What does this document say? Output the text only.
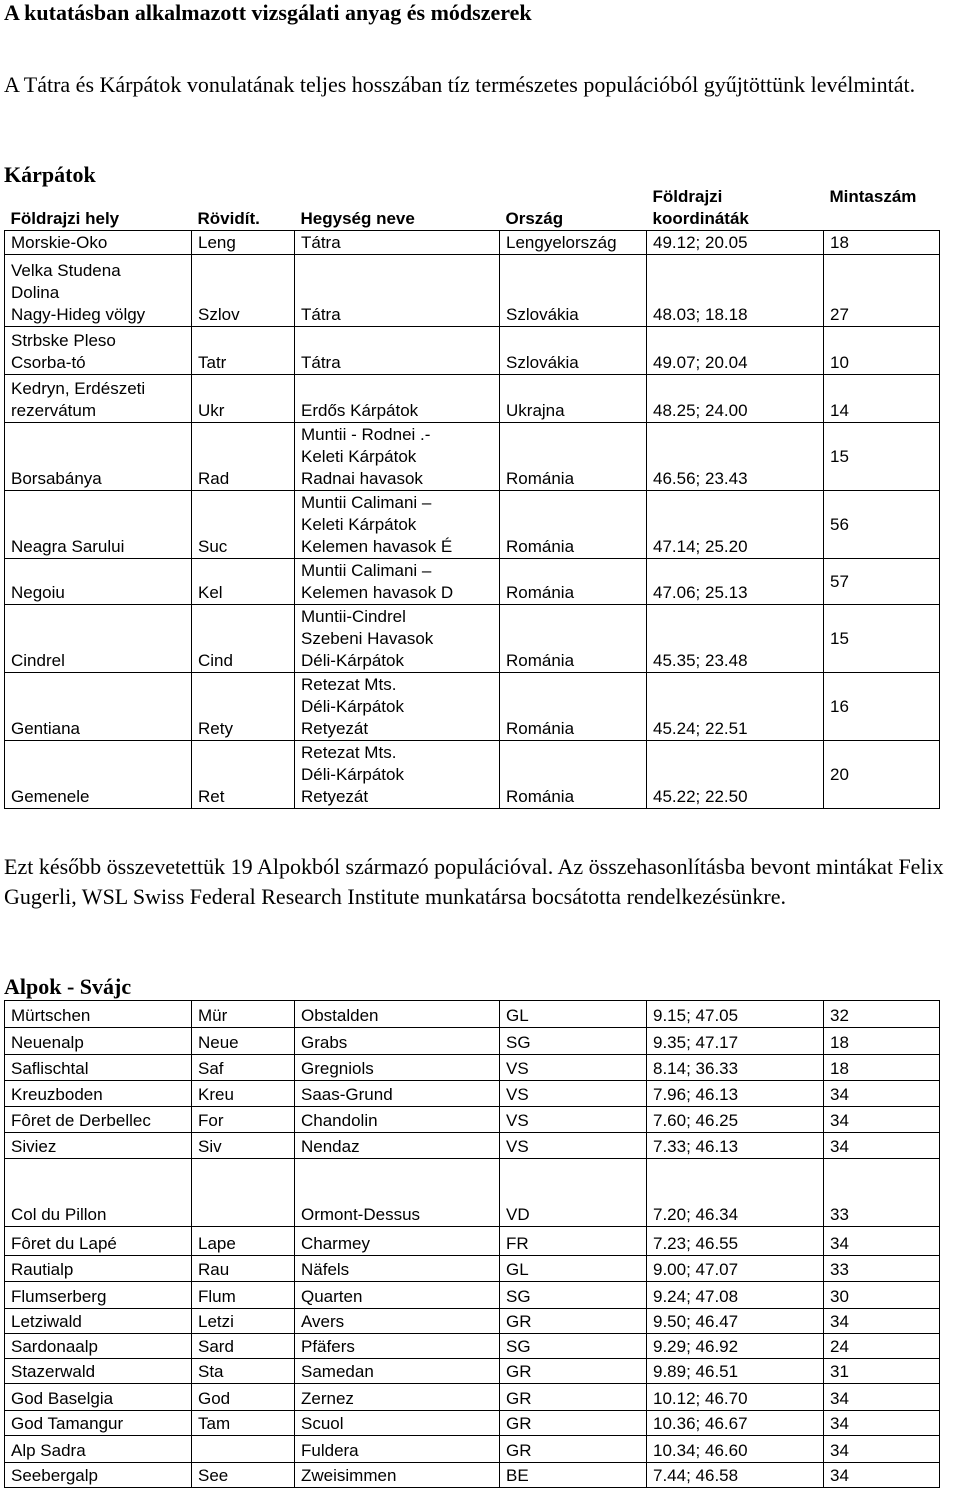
A kutatásban alkalmazott vizsgálati anyag és módszerek

A Tátra és Kárpátok vonulatának teljes hosszában tíz természetes populációból gyűjtöttünk levélmintát.

Kárpátok
Földrajzi hely	Rövidít.	Hegység neve	Ország	Földrajzi
koordináták	Mintaszám
Morskie-Oko	Leng	Tátra	Lengyelország	49.12; 20.05	18
Velka Studena
Dolina
Nagy-Hideg völgy	Szlov	Tátra	Szlovákia	48.03; 18.18	27
Strbske Pleso
Csorba-tó	Tatr	Tátra	Szlovákia	49.07; 20.04	10
Kedryn, Erdészeti
rezervátum	Ukr	Erdős Kárpátok	Ukrajna	48.25; 24.00	14
Borsabánya	Rad	Muntii - Rodnei .-
Keleti Kárpátok
Radnai havasok	Románia	46.56; 23.43	15
Neagra Sarului	Suc	Muntii Calimani –
Keleti Kárpátok
Kelemen havasok É	Románia	47.14; 25.20	56
Negoiu	Kel	Muntii Calimani –
Kelemen havasok D	Románia	47.06; 25.13	57
Cindrel	Cind	Muntii-Cindrel
Szebeni Havasok
Déli-Kárpátok	Románia	45.35; 23.48	15
Gentiana	Rety	Retezat Mts.
Déli-Kárpátok
Retyezát	Románia	45.24; 22.51	16
Gemenele	Ret	Retezat Mts.
Déli-Kárpátok
Retyezát	Románia	45.22; 22.50	20

Ezt később összevetettük 19 Alpokból származó populációval. Az összehasonlításba bevont mintákat Felix Gugerli, WSL Swiss Federal Research Institute munkatársa bocsátotta rendelkezésünkre.

Alpok - Svájc
Mürtschen	Mür	Obstalden	GL	9.15; 47.05	32
Neuenalp	Neue	Grabs	SG	9.35; 47.17	18
Saflischtal	Saf	Gregniols	VS	8.14; 36.33	18
Kreuzboden	Kreu	Saas-Grund	VS	7.96; 46.13	34
Fôret de Derbellec	For	Chandolin	VS	7.60; 46.25	34
Siviez	Siv	Nendaz	VS	7.33; 46.13	34
Col du Pillon		Ormont-Dessus	VD	7.20; 46.34	33
Fôret du Lapé	Lape	Charmey	FR	7.23; 46.55	34
Rautialp	Rau	Näfels	GL	9.00; 47.07	33
Flumserberg	Flum	Quarten	SG	9.24; 47.08	30
Letziwald	Letzi	Avers	GR	9.50; 46.47	34
Sardonaalp	Sard	Pfäfers	SG	9.29; 46.92	24
Stazerwald	Sta	Samedan	GR	9.89; 46.51	31
God Baselgia	God	Zernez	GR	10.12; 46.70	34
God Tamangur	Tam	Scuol	GR	10.36; 46.67	34
Alp Sadra		Fuldera	GR	10.34; 46.60	34
Seebergalp	See	Zweisimmen	BE	7.44; 46.58	34
